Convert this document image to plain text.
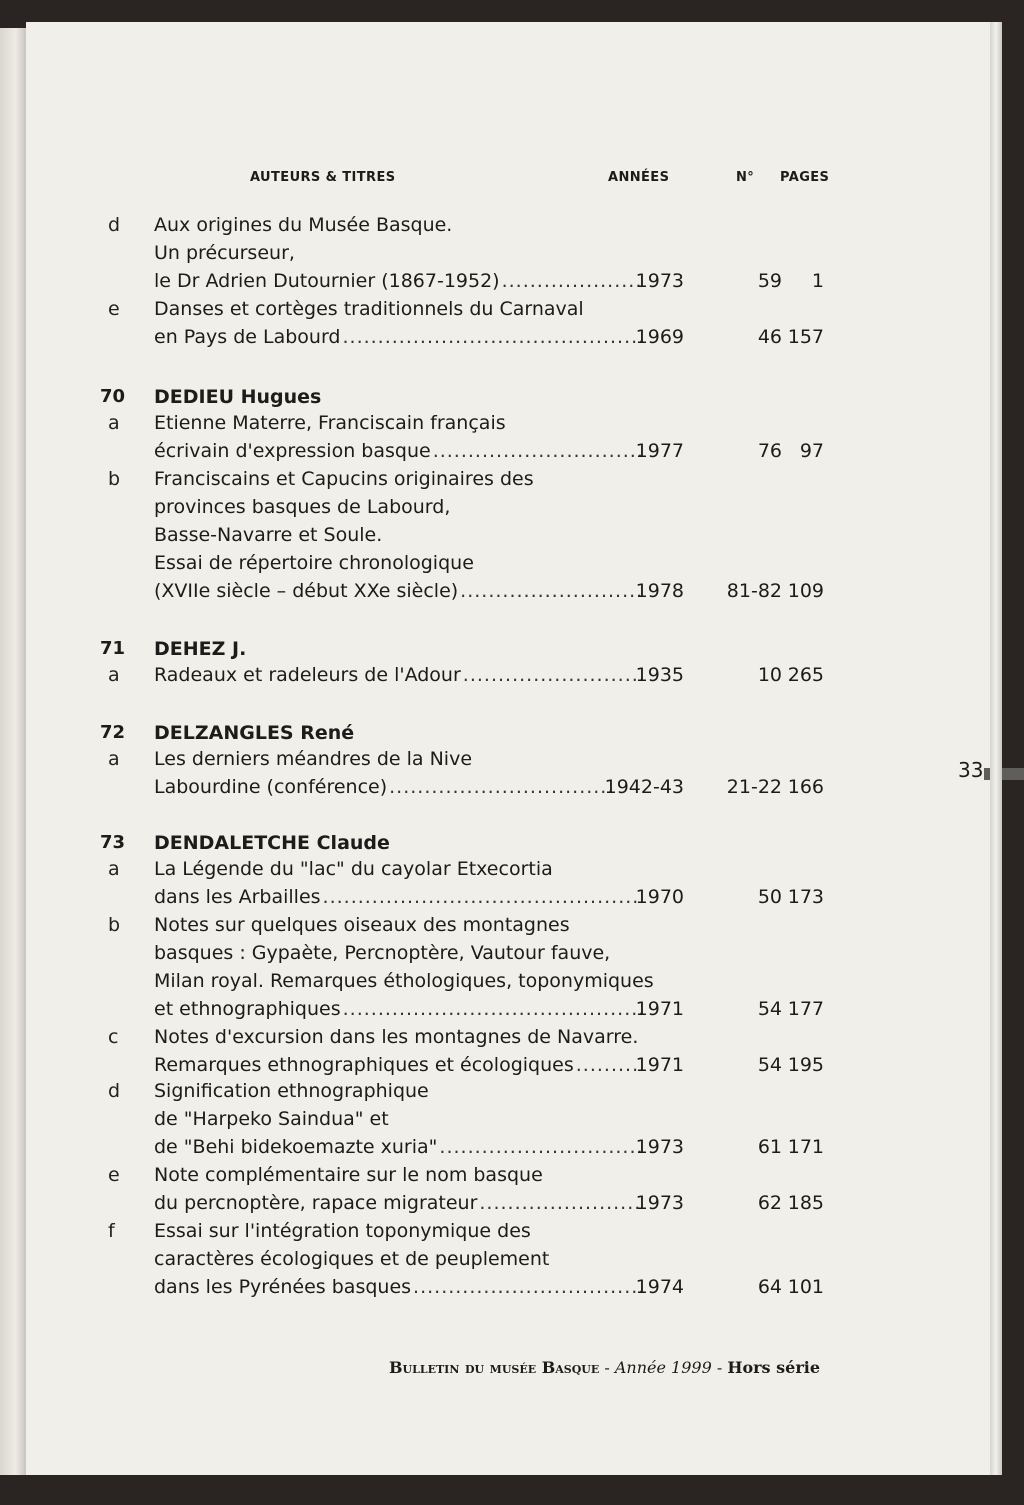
AUTEURS & TITRES	ANNÉES	N° PAGES
d	Aux origines du Musée Basque.
Un précurseur,
le Dr Adrien Dutournier (1867-1952) .....	1973	59 1
e	Danses et cortèges traditionnels du Carnaval
en Pays de Labourd .....	1969	46 157
70	DEDIEU Hugues
a	Etienne Materre, Franciscain français
écrivain d'expression basque .....	1977	76 97
b	Franciscains et Capucins originaires des
provinces basques de Labourd,
Basse-Navarre et Soule.
Essai de répertoire chronologique
(XVIIe siècle – début XXe siècle) .....	1978 81-82 109
71	DEHEZ J.
a	Radeaux et radeleurs de l'Adour .....	1935	10 265
72	DELZANGLES René
a	Les derniers méandres de la Nive
Labourdine (conférence) .....	1942-43 21-22 166
73	DENDALETCHE Claude
a	La Légende du "lac" du cayolar Etxecortia
dans les Arbailles .....	1970	50 173
b	Notes sur quelques oiseaux des montagnes
basques : Gypaète, Percnoptère, Vautour fauve,
Milan royal. Remarques éthologiques, toponymiques
et ethnographiques .....	1971	54 177
c	Notes d'excursion dans les montagnes de Navarre.
Remarques ethnographiques et écologiques .....	1971	54 195
d	Signification ethnographique
de "Harpeko Saindua" et
de "Behi bidekoemazte xuria" .....	1973	61 171
e	Note complémentaire sur le nom basque
du percnoptère, rapace migrateur .....	1973	62 185
f	Essai sur l'intégration toponymique des
caractères écologiques et de peuplement
dans les Pyrénées basques .....	1974	64 101
33
Bulletin du musée Basque - Année 1999 - Hors série
